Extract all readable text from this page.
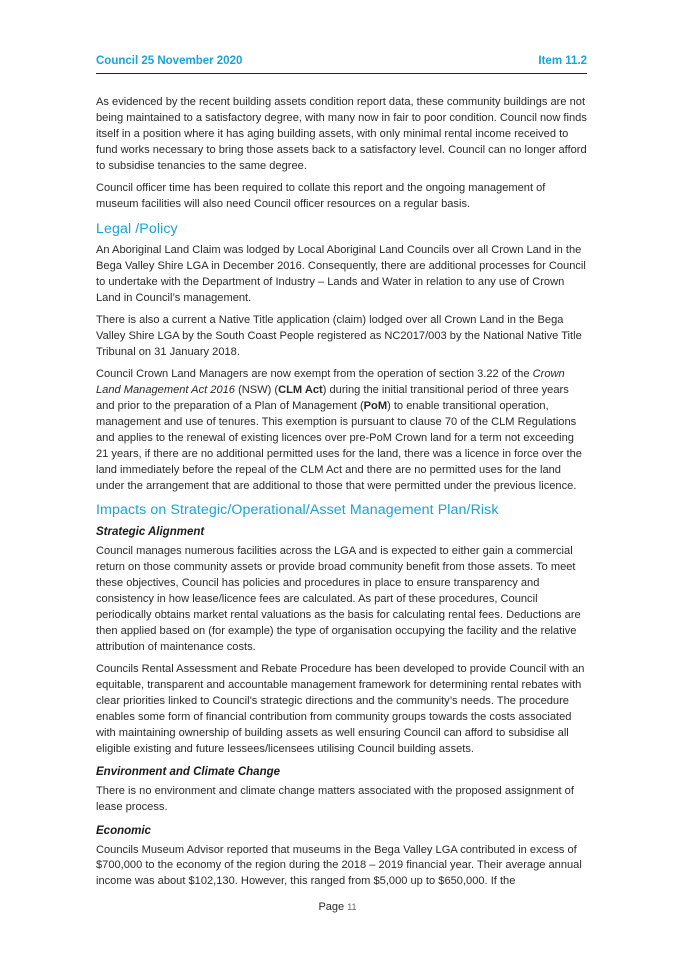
Council 25 November 2020	Item 11.2

As evidenced by the recent building assets condition report data, these community buildings are not being maintained to a satisfactory degree, with many now in fair to poor condition. Council now finds itself in a position where it has aging building assets, with only minimal rental income received to fund works necessary to bring those assets back to a satisfactory level. Council can no longer afford to subsidise tenancies to the same degree.

Council officer time has been required to collate this report and the ongoing management of museum facilities will also need Council officer resources on a regular basis.

Legal /Policy

An Aboriginal Land Claim was lodged by Local Aboriginal Land Councils over all Crown Land in the Bega Valley Shire LGA in December 2016. Consequently, there are additional processes for Council to undertake with the Department of Industry – Lands and Water in relation to any use of Crown Land in Council’s management.

There is also a current a Native Title application (claim) lodged over all Crown Land in the Bega Valley Shire LGA by the South Coast People registered as NC2017/003 by the National Native Title Tribunal on 31 January 2018.

Council Crown Land Managers are now exempt from the operation of section 3.22 of the Crown Land Management Act 2016 (NSW) (CLM Act) during the initial transitional period of three years and prior to the preparation of a Plan of Management (PoM) to enable transitional operation, management and use of tenures. This exemption is pursuant to clause 70 of the CLM Regulations and applies to the renewal of existing licences over pre-PoM Crown land for a term not exceeding 21 years, if there are no additional permitted uses for the land, there was a licence in force over the land immediately before the repeal of the CLM Act and there are no permitted uses for the land under the arrangement that are additional to those that were permitted under the previous licence.

Impacts on Strategic/Operational/Asset Management Plan/Risk
Strategic Alignment

Council manages numerous facilities across the LGA and is expected to either gain a commercial return on those community assets or provide broad community benefit from those assets. To meet these objectives, Council has policies and procedures in place to ensure transparency and consistency in how lease/licence fees are calculated. As part of these procedures, Council periodically obtains market rental valuations as the basis for calculating rental fees. Deductions are then applied based on (for example) the type of organisation occupying the facility and the relative attribution of maintenance costs.

Councils Rental Assessment and Rebate Procedure has been developed to provide Council with an equitable, transparent and accountable management framework for determining rental rebates with clear priorities linked to Council’s strategic directions and the community’s needs. The procedure enables some form of financial contribution from community groups towards the costs associated with maintaining ownership of building assets as well ensuring Council can afford to subsidise all eligible existing and future lessees/licensees utilising Council building assets.

Environment and Climate Change

There is no environment and climate change matters associated with the proposed assignment of lease process.

Economic

Councils Museum Advisor reported that museums in the Bega Valley LGA contributed in excess of $700,000 to the economy of the region during the 2018 – 2019 financial year. Their average annual income was about $102,130. However, this ranged from $5,000 up to $650,000. If the

Page 11
